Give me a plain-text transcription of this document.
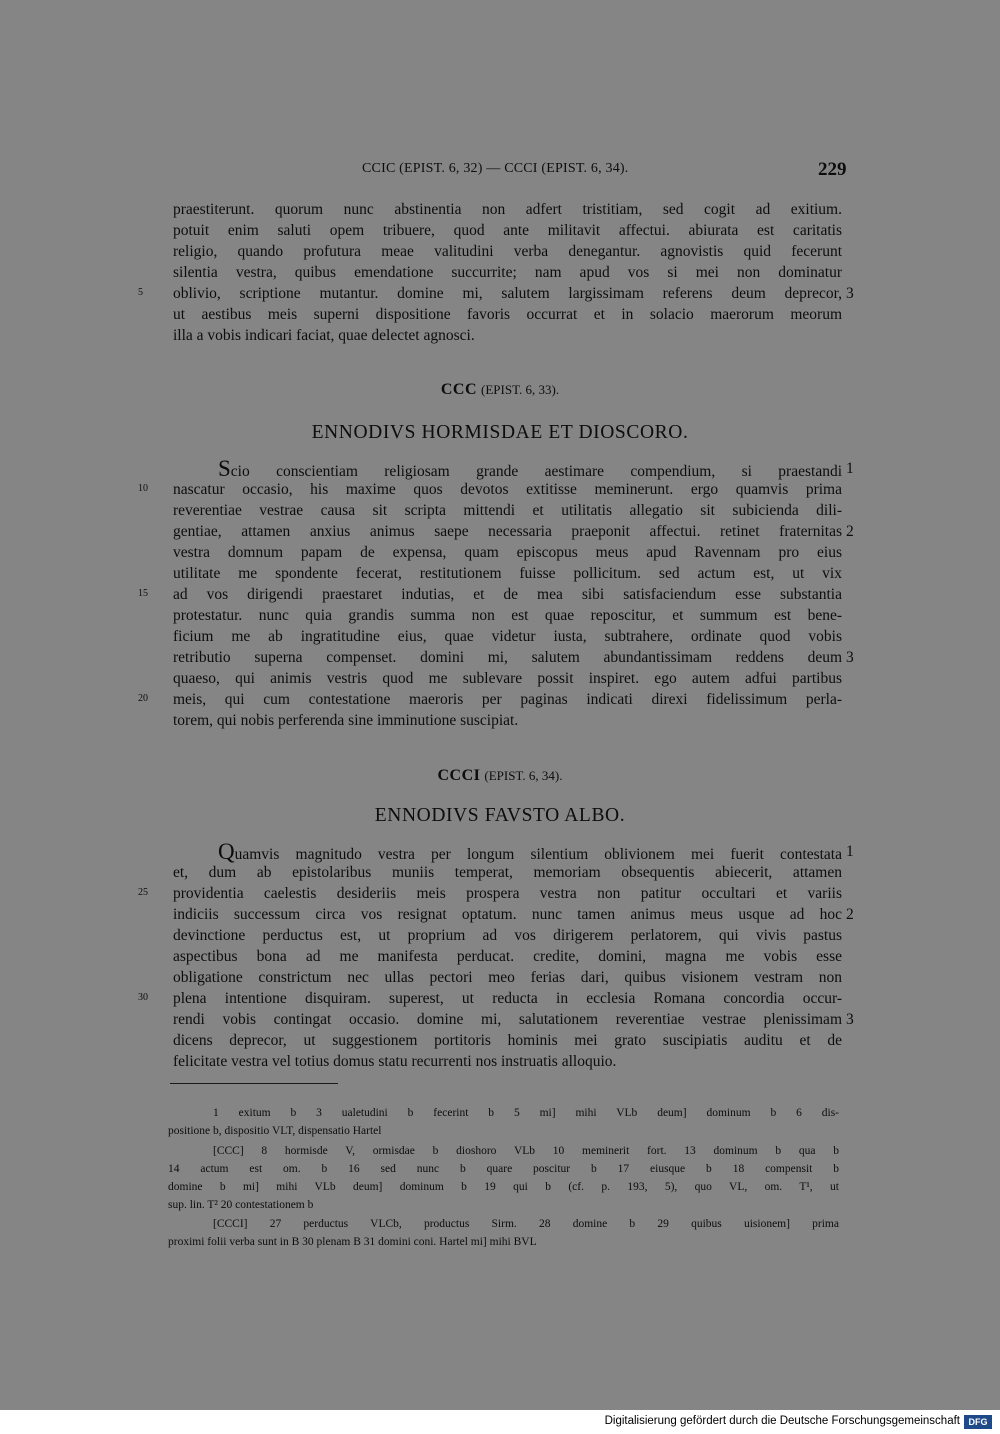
CCIC (EPIST. 6, 32) — CCCI (EPIST. 6, 34).	229
praestiterunt. quorum nunc abstinentia non adfert tristitiam, sed cogit ad exitium.
potuit enim saluti opem tribuere, quod ante militavit affectui. abiurata est caritatis
religio, quando profutura meae valitudini verba denegantur. agnovistis quid fecerunt
silentia vestra, quibus emendatione succurrite; nam apud vos si mei non dominatur
5	oblivio, scriptione mutantur. domine mi, salutem largissimam referens deum deprecor, 3
ut aestibus meis superni dispositione favoris occurrat et in solacio maerorum meorum
illa a vobis indicari faciat, quae delectet agnosci.
CCC (EPIST. 6, 33).
ENNODIVS HORMISDAE ET DIOSCORO.
Scio conscientiam religiosam grande aestimare compendium, si praestandi 1
10	nascatur occasio, his maxime quos devotos extitisse meminerunt. ergo quamvis prima
reverentiae vestrae causa sit scripta mittendi et utilitatis allegatio sit subicienda dili-
gentiae, attamen anxius animus saepe necessaria praeponit affectui. retinet fraternitas 2
vestra domnum papam de expensa, quam episcopus meus apud Ravennam pro eius
utilitate me spondente fecerat, restitutionem fuisse pollicitum. sed actum est, ut vix
15	ad vos dirigendi praestaret indutias, et de mea sibi satisfaciendum esse substantia
protestatur. nunc quia grandis summa non est quae reposcitur, et summum est bene-
ficium me ab ingratitudine eius, quae videtur iusta, subtrahere, ordinate quod vobis
retributio superna compenset. domini mi, salutem abundantissimam reddens deum 3
quaeso, qui animis vestris quod me sublevare possit inspiret. ego autem adfui partibus
20	meis, qui cum contestatione maeroris per paginas indicati direxi fidelissimum perla-
torem, qui nobis perferenda sine imminutione suscipiat.
CCCI (EPIST. 6, 34).
ENNODIVS FAVSTO ALBO.
Quamvis magnitudo vestra per longum silentium oblivionem mei fuerit contestata 1
et, dum ab epistolaribus muniis temperat, memoriam obsequentis abiecerit, attamen
25	providentia caelestis desideriis meis prospera vestra non patitur occultari et variis
indiciis successum circa vos resignat optatum. nunc tamen animus meus usque ad hoc 2
devinctione perductus est, ut proprium ad vos dirigerem perlatorem, qui vivis pastus
aspectibus bona ad me manifesta perducat. credite, domini, magna me vobis esse
obligatione constrictum nec ullas pectori meo ferias dari, quibus visionem vestram non
30	plena intentione disquiram. superest, ut reducta in ecclesia Romana concordia occur-
rendi vobis contingat occasio. domine mi, salutationem reverentiae vestrae plenissimam 3
dicens deprecor, ut suggestionem portitoris hominis mei grato suscipiatis auditu et de
felicitate vestra vel totius domus statu recurrenti nos instruatis alloquio.
1 exitum b 3 ualetudini b fecerint b 5 mi] mihi VLb deum] dominum b 6 dis-
positione b, dispositio VLT, dispensatio Hartel
[CCC] 8 hormisde V, ormisdae b dioshoro VLb 10 meminerit fort. 13 dominum b qua b
14 actum est om. b 16 sed nunc b quare poscitur b 17 eiusque b 18 compensit b
domine b mi] mihi VLb deum] dominum b 19 qui b (cf. p. 193, 5), quo VL, om. T¹, ut
sup. lin. T² 20 contestationem b
[CCCI] 27 perductus VLCb, productus Sirm. 28 domine b 29 quibus uisionem] prima
proximi folii verba sunt in B 30 plenam B 31 domini coni. Hartel mi] mihi BVL
Digitalisierung gefördert durch die Deutsche Forschungsgemeinschaft DFG
